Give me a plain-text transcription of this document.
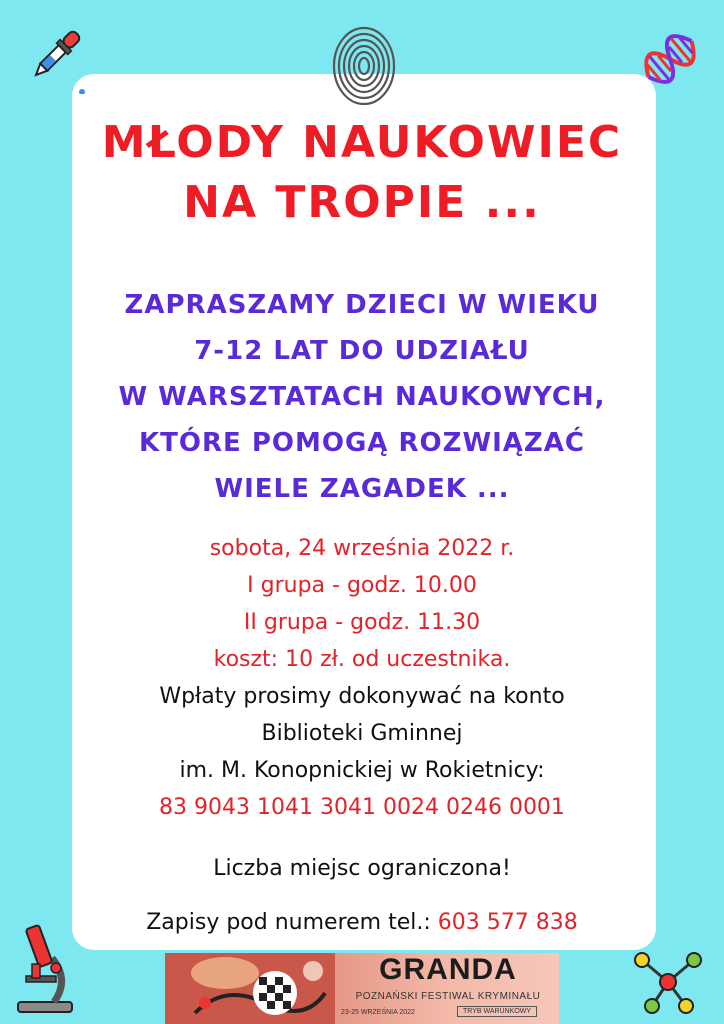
MŁODY NAUKOWIEC
NA TROPIE ...
ZAPRASZAMY DZIECI W WIEKU
7-12 LAT DO UDZIAŁU
W WARSZTATACH NAUKOWYCH,
KTÓRE POMOGĄ ROZWIĄZAĆ
WIELE ZAGADEK ...
sobota, 24 września 2022 r.
I grupa - godz. 10.00
II grupa - godz. 11.30
koszt: 10 zł. od uczestnika.
Wpłaty prosimy dokonywać na konto
Biblioteki Gminnej
im. M. Konopnickiej w Rokietnicy:
83 9043 1041 3041 0024 0246 0001
Liczba miejsc ograniczona!
Zapisy pod numerem tel.: 603 577 838
GRANDA
POZNAŃSKI FESTIWAL KRYMINAŁU
23-25 WRZEŚNIA 2022	TRYB WARUNKOWY
